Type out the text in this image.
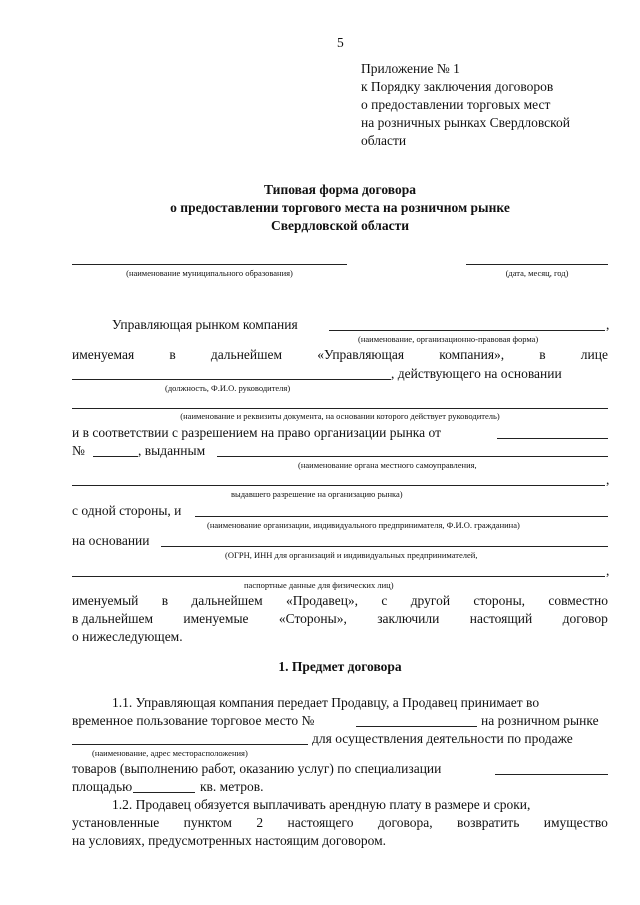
5
Приложение № 1
к Порядку заключения договоров
о предоставлении торговых мест
на розничных рынках Свердловской
области
Типовая форма договора
о предоставлении торгового места на розничном рынке
Свердловской области
(наименование муниципального образования)	(дата, месяц, год)
Управляющая рынком компания	,
(наименование, организационно-правовая форма)
именуемая	в	дальнейшем	«Управляющая	компания»,	в	лице
, действующего на основании
(должность, Ф.И.О. руководителя)
(наименование и реквизиты документа, на основании которого действует руководитель)
и в соответствии с разрешением на право организации рынка от
№	, выданным
(наименование органа местного самоуправления,
,
выдавшего разрешение на организацию рынка)
с одной стороны, и
(наименование организации, индивидуального предпринимателя, Ф.И.О. гражданина)
на основании
(ОГРН, ИНН для организаций и индивидуальных предпринимателей,
,
паспортные данные для физических лиц)
именуемый в дальнейшем «Продавец», с другой стороны, совместно
в дальнейшем именуемые «Стороны», заключили настоящий договор
о нижеследующем.
1. Предмет договора
1.1. Управляющая компания передает Продавцу, а Продавец принимает во
временное пользование торговое место №	на розничном рынке
для осуществления деятельности по продаже
(наименование, адрес месторасположения)
товаров (выполнению работ, оказанию услуг) по специализации
площадью	кв. метров.
1.2. Продавец обязуется выплачивать арендную плату в размере и сроки,
установленные пунктом 2 настоящего договора, возвратить имущество
на условиях, предусмотренных настоящим договором.
